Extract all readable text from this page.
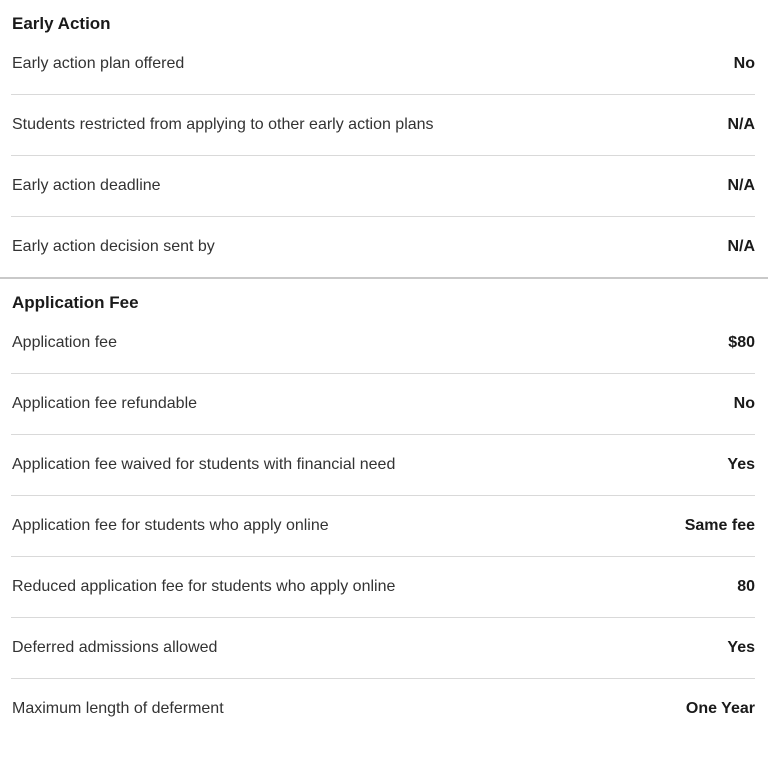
Early Action
Early action plan offered	No
Students restricted from applying to other early action plans	N/A
Early action deadline	N/A
Early action decision sent by	N/A
Application Fee
Application fee	$80
Application fee refundable	No
Application fee waived for students with financial need	Yes
Application fee for students who apply online	Same fee
Reduced application fee for students who apply online	80
Deferred admissions allowed	Yes
Maximum length of deferment	One Year
